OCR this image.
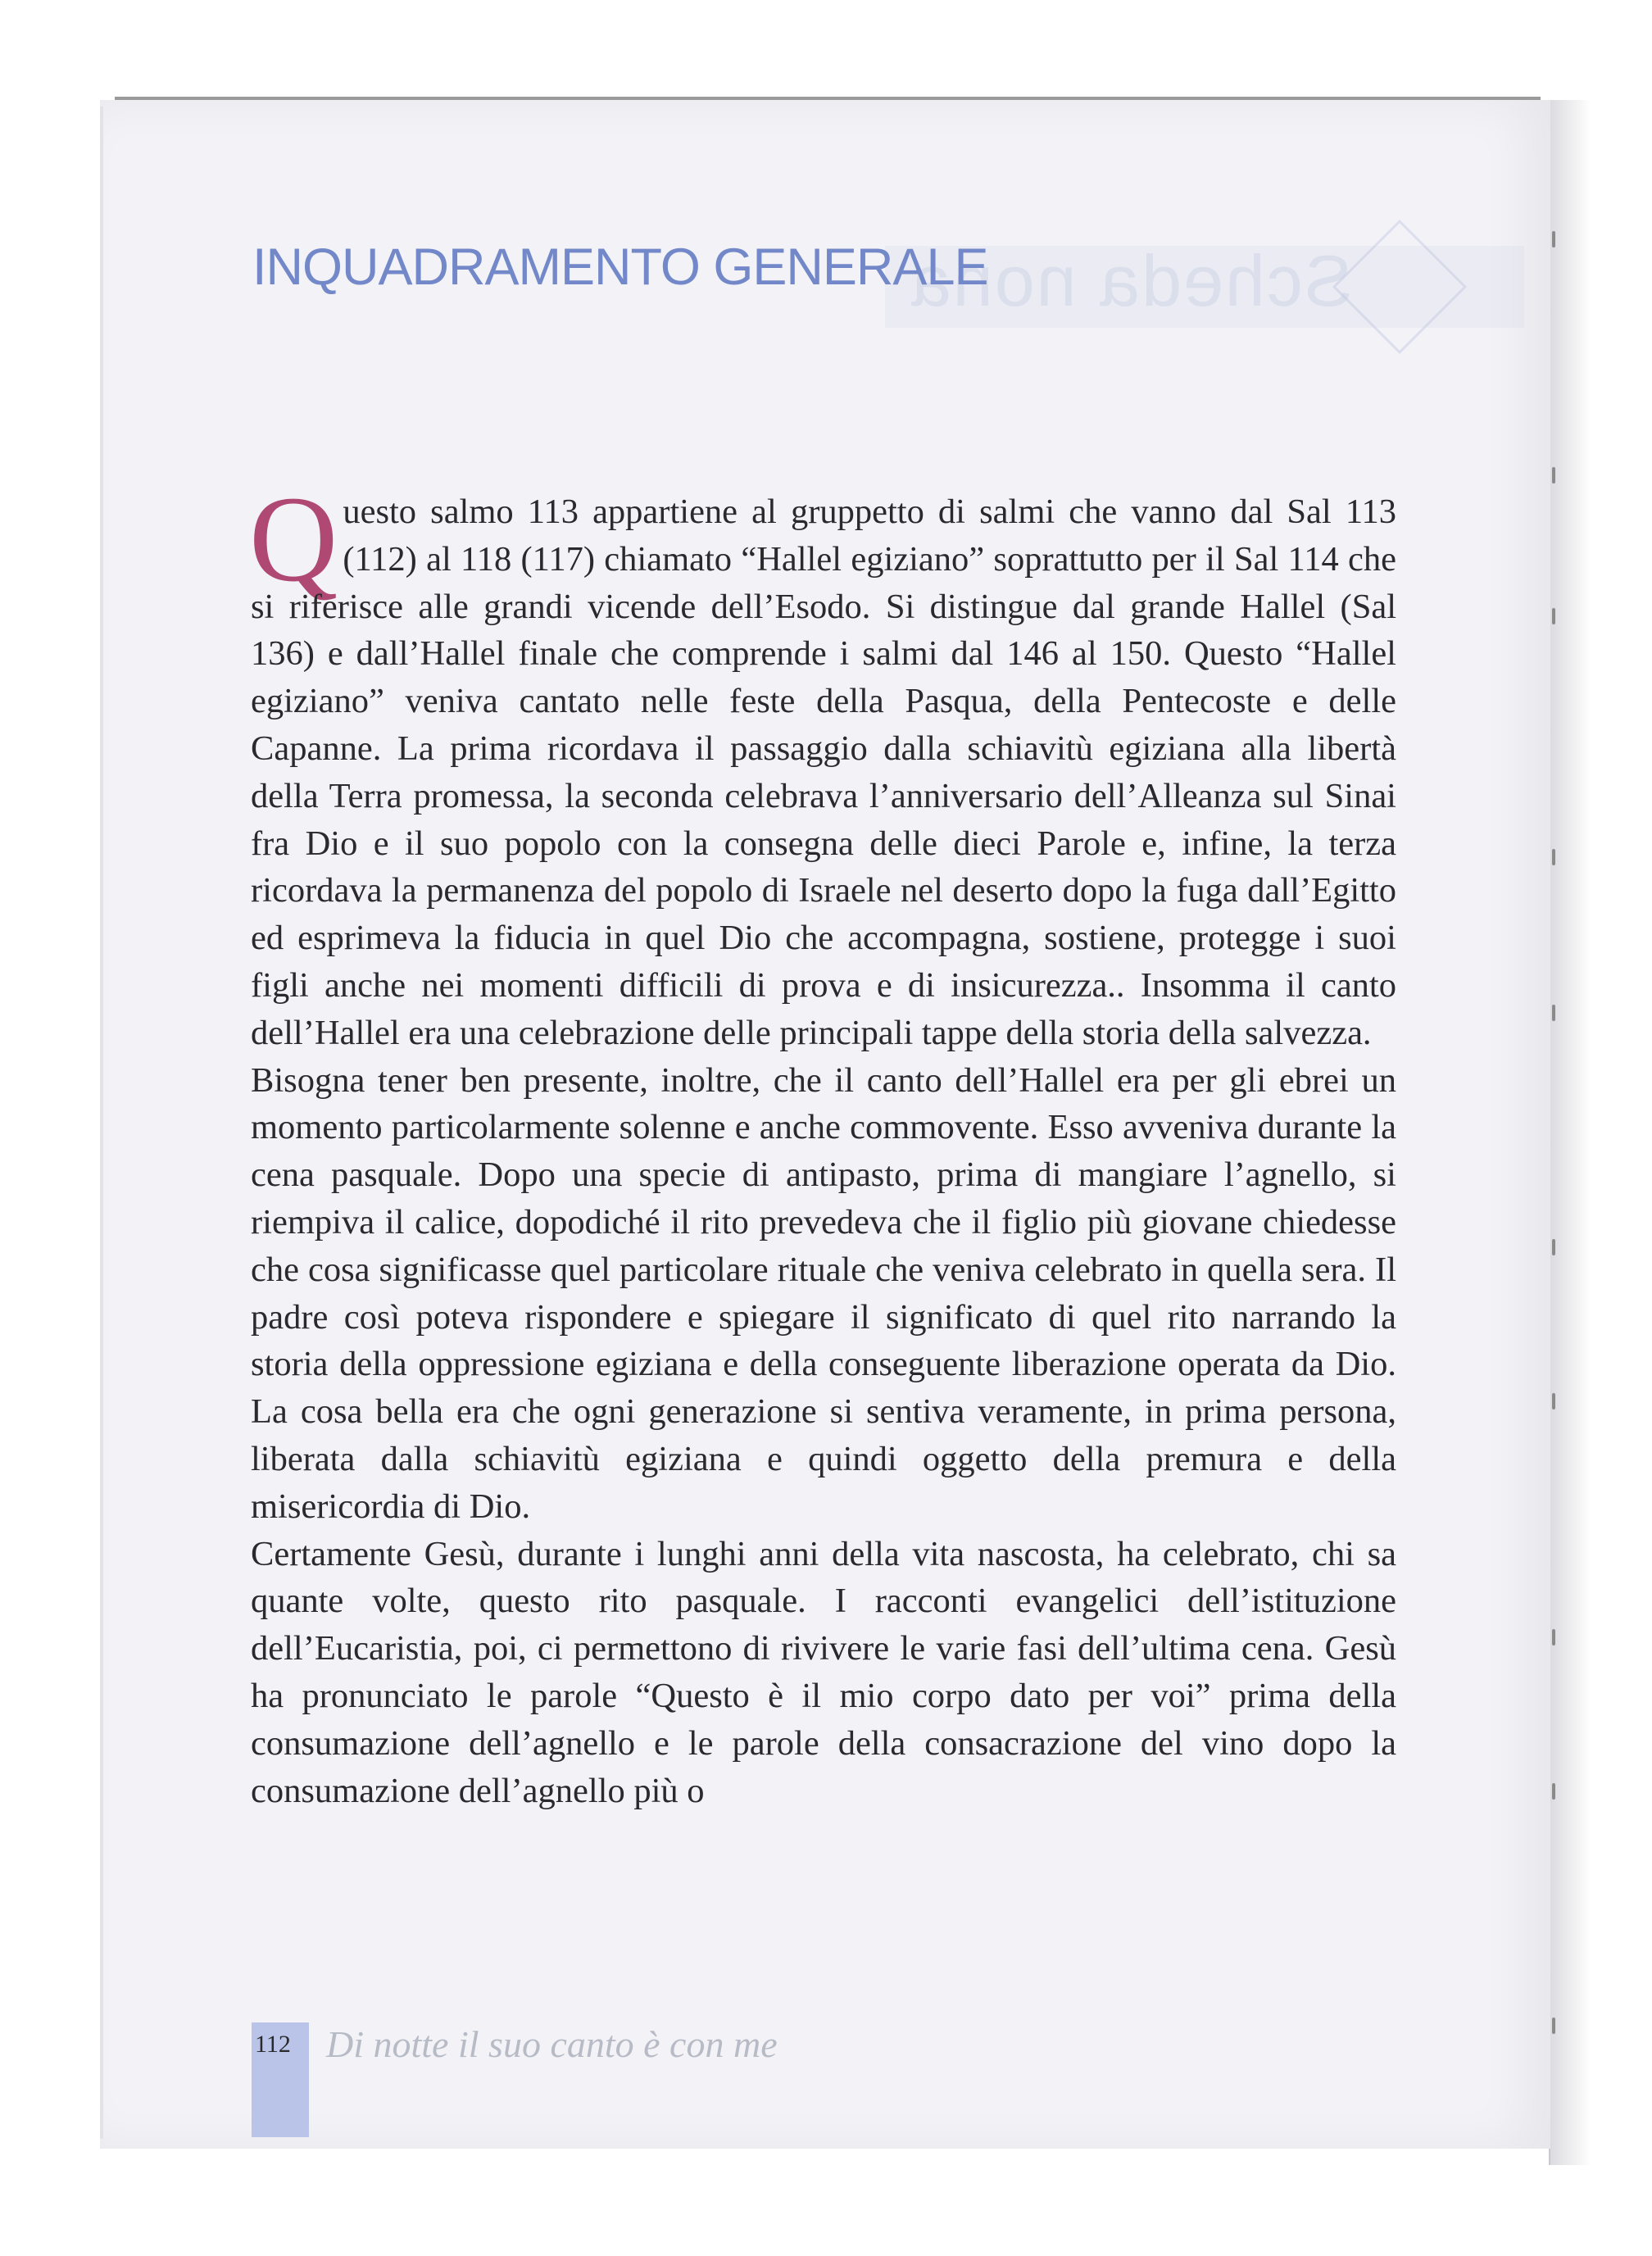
Scheda nona
INQUADRAMENTO GENERALE

Questo salmo 113 appartiene al gruppetto di salmi che vanno dal Sal 113 (112) al 118 (117) chiamato “Hallel egiziano” soprattutto per il Sal 114 che si riferisce alle grandi vicende dell’Esodo. Si distingue dal grande Hallel (Sal 136) e dall’Hallel finale che comprende i salmi dal 146 al 150. Questo “Hallel egiziano” veniva cantato nelle feste della Pasqua, della Pentecoste e delle Capanne. La prima ricordava il passaggio dalla schiavitù egiziana alla libertà della Terra promessa, la seconda celebrava l’anniversario dell’Alleanza sul Sinai fra Dio e il suo popolo con la consegna delle dieci Parole e, infine, la terza ricordava la permanenza del popolo di Israele nel deserto dopo la fuga dall’Egitto ed esprimeva la fiducia in quel Dio che accompagna, sostiene, protegge i suoi figli anche nei momenti difficili di prova e di insicurezza.. Insomma il canto dell’Hallel era una celebrazione delle principali tappe della storia della salvezza.

Bisogna tener ben presente, inoltre, che il canto dell’Hallel era per gli ebrei un momento particolarmente solenne e anche commovente. Esso avveniva durante la cena pasquale. Dopo una specie di antipasto, prima di mangiare l’agnello, si riempiva il calice, dopodiché il rito prevedeva che il figlio più giovane chiedesse che cosa significasse quel particolare rituale che veniva celebrato in quella sera. Il padre così poteva rispondere e spiegare il significato di quel rito narrando la storia della oppressione egiziana e della conseguente liberazione operata da Dio. La cosa bella era che ogni generazione si sentiva veramente, in prima persona, liberata dalla schiavitù egiziana e quindi oggetto della premura e della misericordia di Dio.

Certamente Gesù, durante i lunghi anni della vita nascosta, ha celebrato, chi sa quante volte, questo rito pasquale. I racconti evangelici dell’istituzione dell’Eucaristia, poi, ci permettono di rivivere le varie fasi dell’ultima cena. Gesù ha pronunciato le parole “Questo è il mio corpo dato per voi” prima della consumazione dell’agnello e le parole della consacrazione del vino dopo la consumazione dell’agnello più o

112 Di notte il suo canto è con me
